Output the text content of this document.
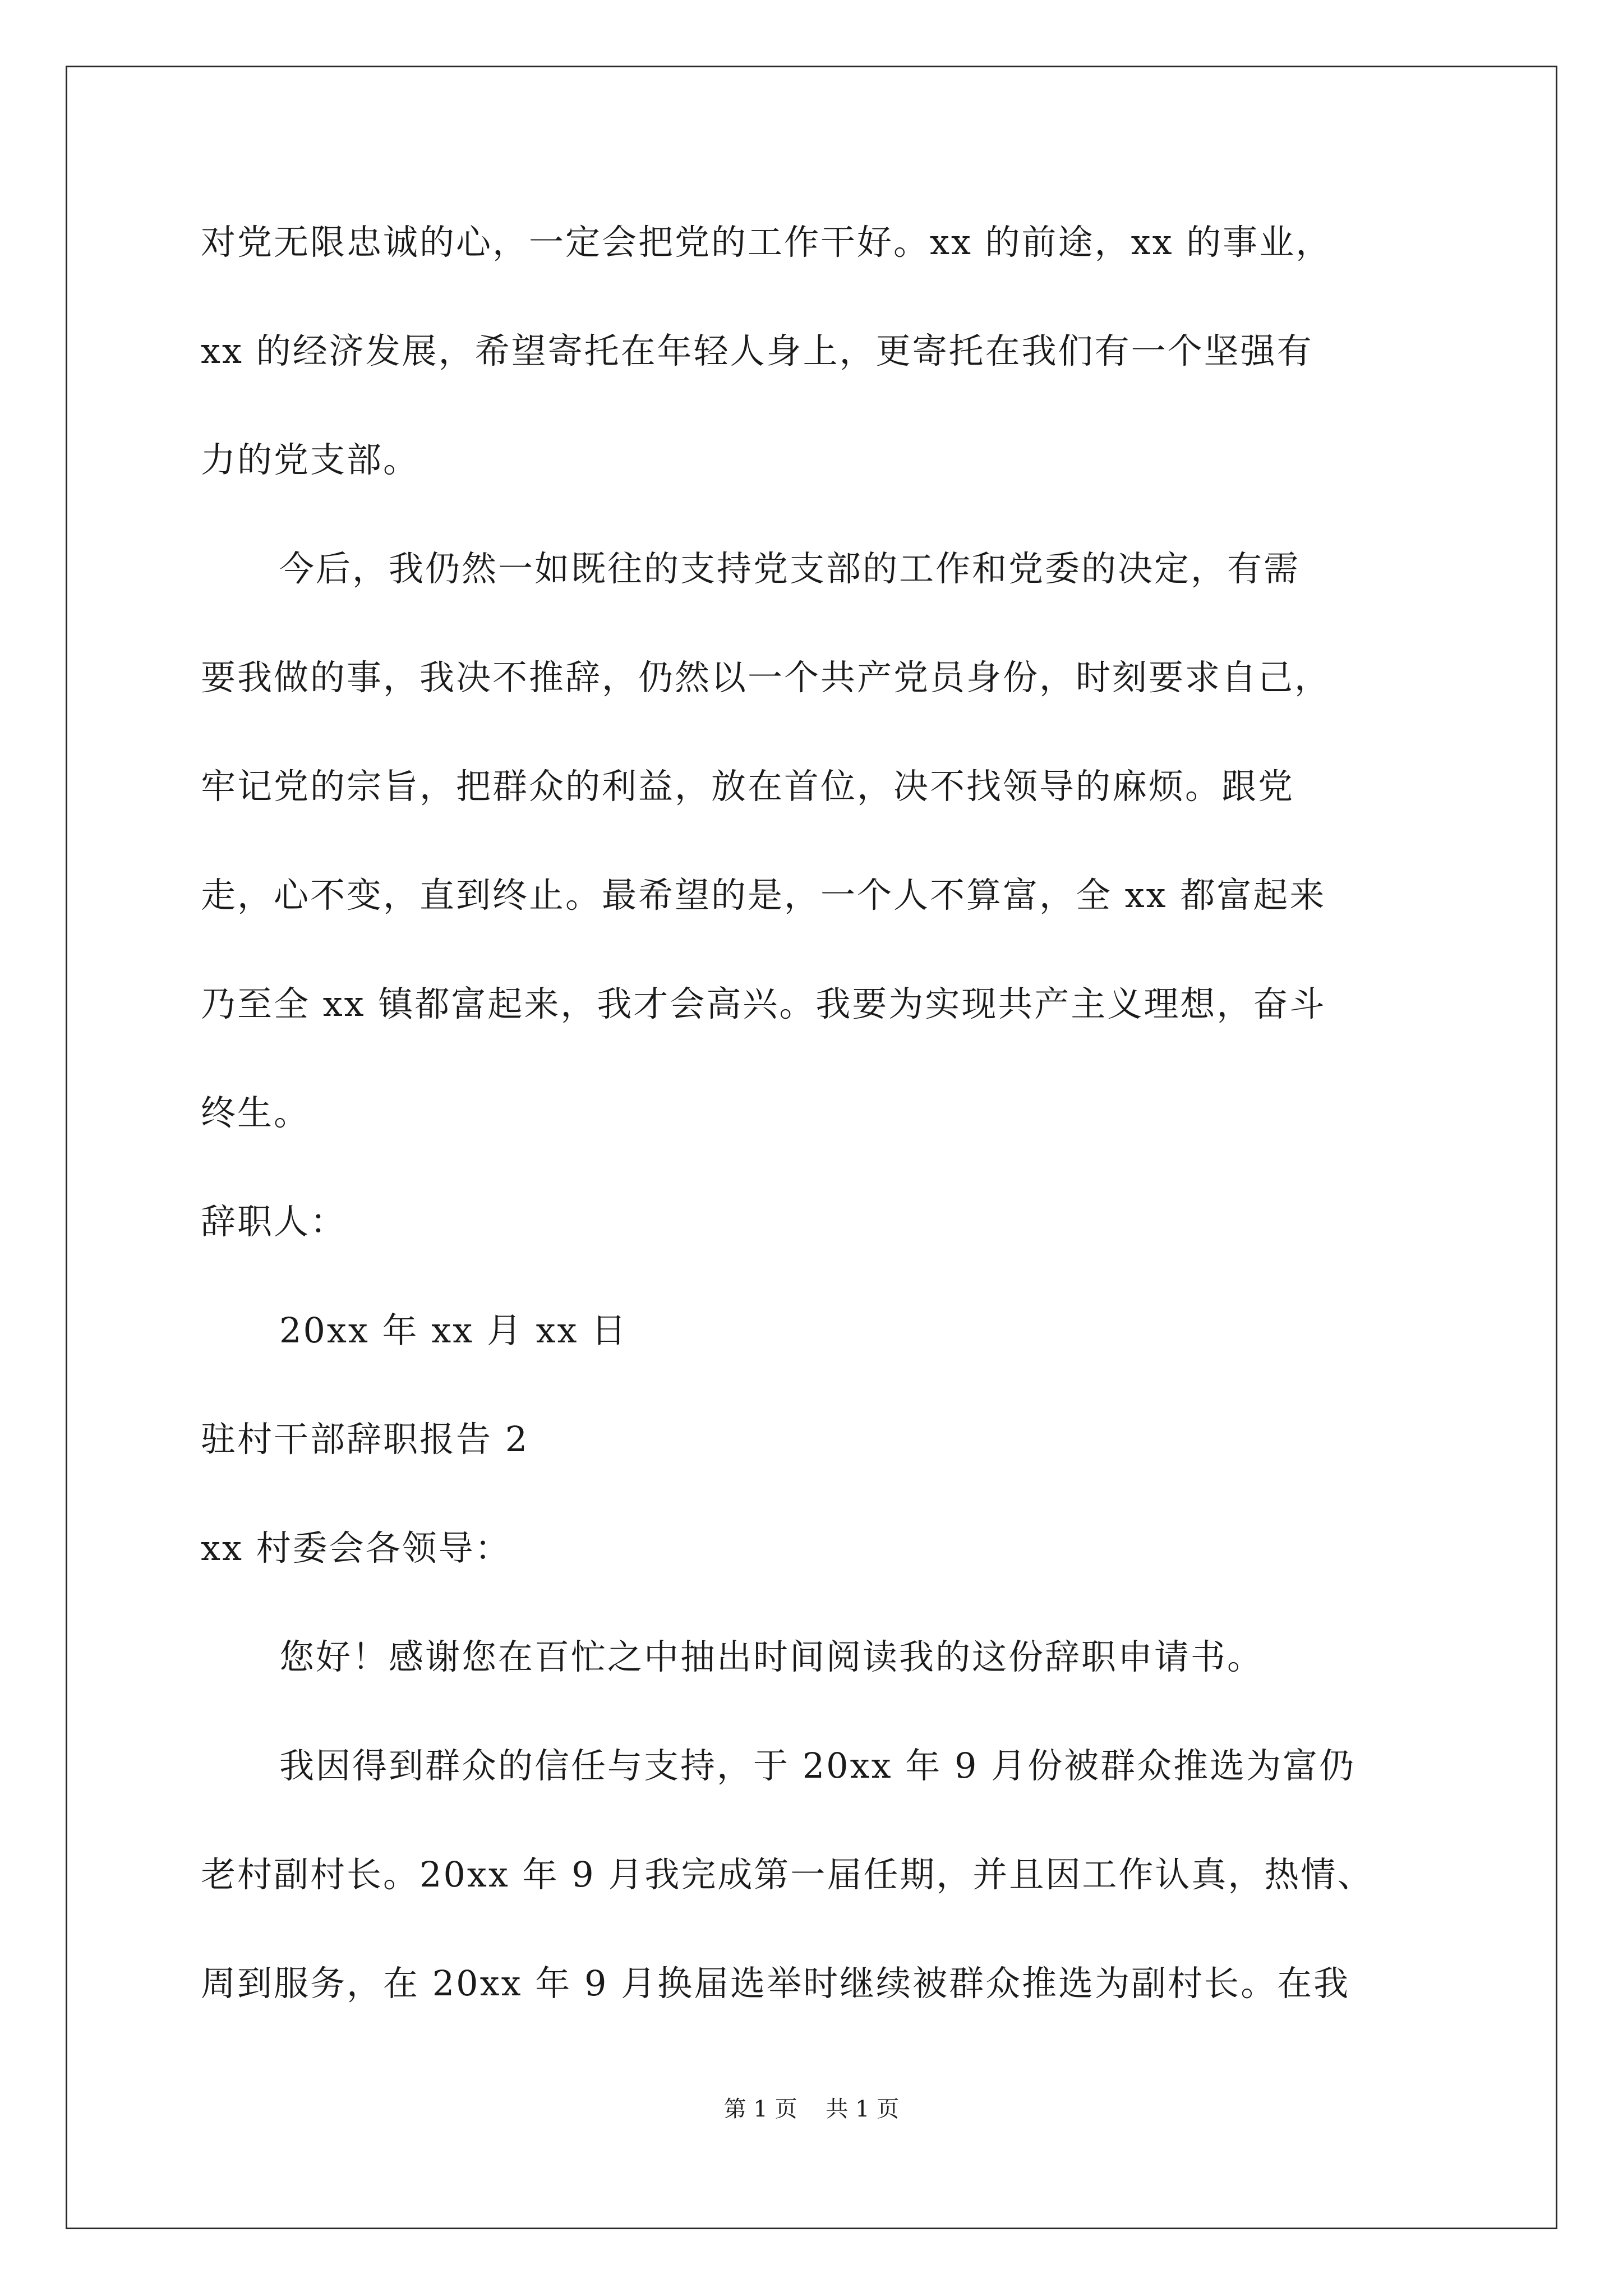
对党无限忠诚的心，一定会把党的工作干好。xx 的前途，xx 的事业，
xx 的经济发展，希望寄托在年轻人身上，更寄托在我们有一个坚强有
力的党支部。
今后，我仍然一如既往的支持党支部的工作和党委的决定，有需
要我做的事，我决不推辞，仍然以一个共产党员身份，时刻要求自己，
牢记党的宗旨，把群众的利益，放在首位，决不找领导的麻烦。跟党
走，心不变，直到终止。最希望的是，一个人不算富，全 xx 都富起来
乃至全 xx 镇都富起来，我才会高兴。我要为实现共产主义理想，奋斗
终生。
辞职人：
20xx 年 xx 月 xx 日
驻村干部辞职报告 2
xx 村委会各领导：
您好！感谢您在百忙之中抽出时间阅读我的这份辞职申请书。
我因得到群众的信任与支持，于 20xx 年 9 月份被群众推选为富仍
老村副村长。20xx 年 9 月我完成第一届任期，并且因工作认真，热情、
周到服务，在 20xx 年 9 月换届选举时继续被群众推选为副村长。在我
第 1 页    共 1 页
